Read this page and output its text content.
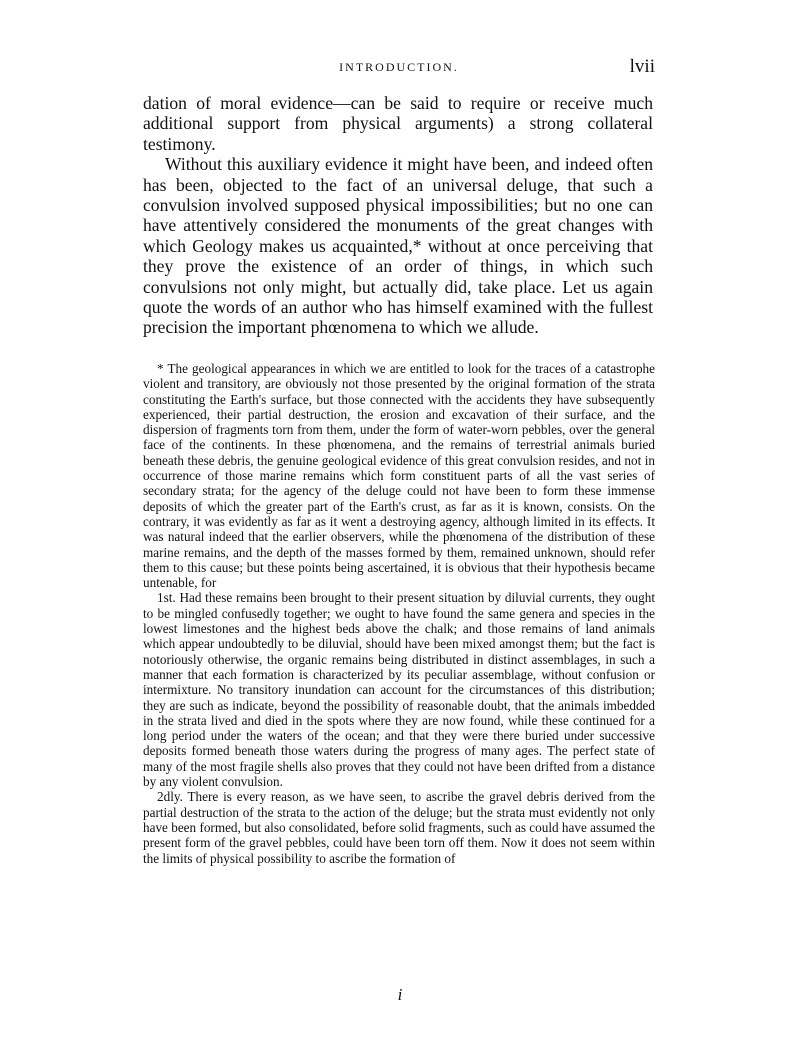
INTRODUCTION.	lvii

dation of moral evidence—can be said to require or receive much additional support from physical arguments) a strong collateral testimony.

Without this auxiliary evidence it might have been, and indeed often has been, objected to the fact of an universal deluge, that such a convulsion involved supposed physical impossibilities; but no one can have attentively considered the monuments of the great changes with which Geology makes us acquainted,* without at once perceiving that they prove the existence of an order of things, in which such convulsions not only might, but actually did, take place. Let us again quote the words of an author who has himself examined with the fullest precision the important phœnomena to which we allude.

* The geological appearances in which we are entitled to look for the traces of a catastrophe violent and transitory, are obviously not those presented by the original formation of the strata constituting the Earth's surface, but those connected with the accidents they have subsequently experienced, their partial destruction, the erosion and excavation of their surface, and the dispersion of fragments torn from them, under the form of water-worn pebbles, over the general face of the continents. In these phœnomena, and the remains of terrestrial animals buried beneath these debris, the genuine geological evidence of this great convulsion resides, and not in occurrence of those marine remains which form constituent parts of all the vast series of secondary strata; for the agency of the deluge could not have been to form these immense deposits of which the greater part of the Earth's crust, as far as it is known, consists. On the contrary, it was evidently as far as it went a destroying agency, although limited in its effects. It was natural indeed that the earlier observers, while the phœnomena of the distribution of these marine remains, and the depth of the masses formed by them, remained unknown, should refer them to this cause; but these points being ascertained, it is obvious that their hypothesis became untenable, for

1st. Had these remains been brought to their present situation by diluvial currents, they ought to be mingled confusedly together; we ought to have found the same genera and species in the lowest limestones and the highest beds above the chalk; and those remains of land animals which appear undoubtedly to be diluvial, should have been mixed amongst them; but the fact is notoriously otherwise, the organic remains being distributed in distinct assemblages, in such a manner that each formation is characterized by its peculiar assemblage, without confusion or intermixture. No transitory inundation can account for the circumstances of this distribution; they are such as indicate, beyond the possibility of reasonable doubt, that the animals imbedded in the strata lived and died in the spots where they are now found, while these continued for a long period under the waters of the ocean; and that they were there buried under successive deposits formed beneath those waters during the progress of many ages. The perfect state of many of the most fragile shells also proves that they could not have been drifted from a distance by any violent convulsion.

2dly. There is every reason, as we have seen, to ascribe the gravel debris derived from the partial destruction of the strata to the action of the deluge; but the strata must evidently not only have been formed, but also consolidated, before solid fragments, such as could have assumed the present form of the gravel pebbles, could have been torn off them. Now it does not seem within the limits of physical possibility to ascribe the formation of

i
